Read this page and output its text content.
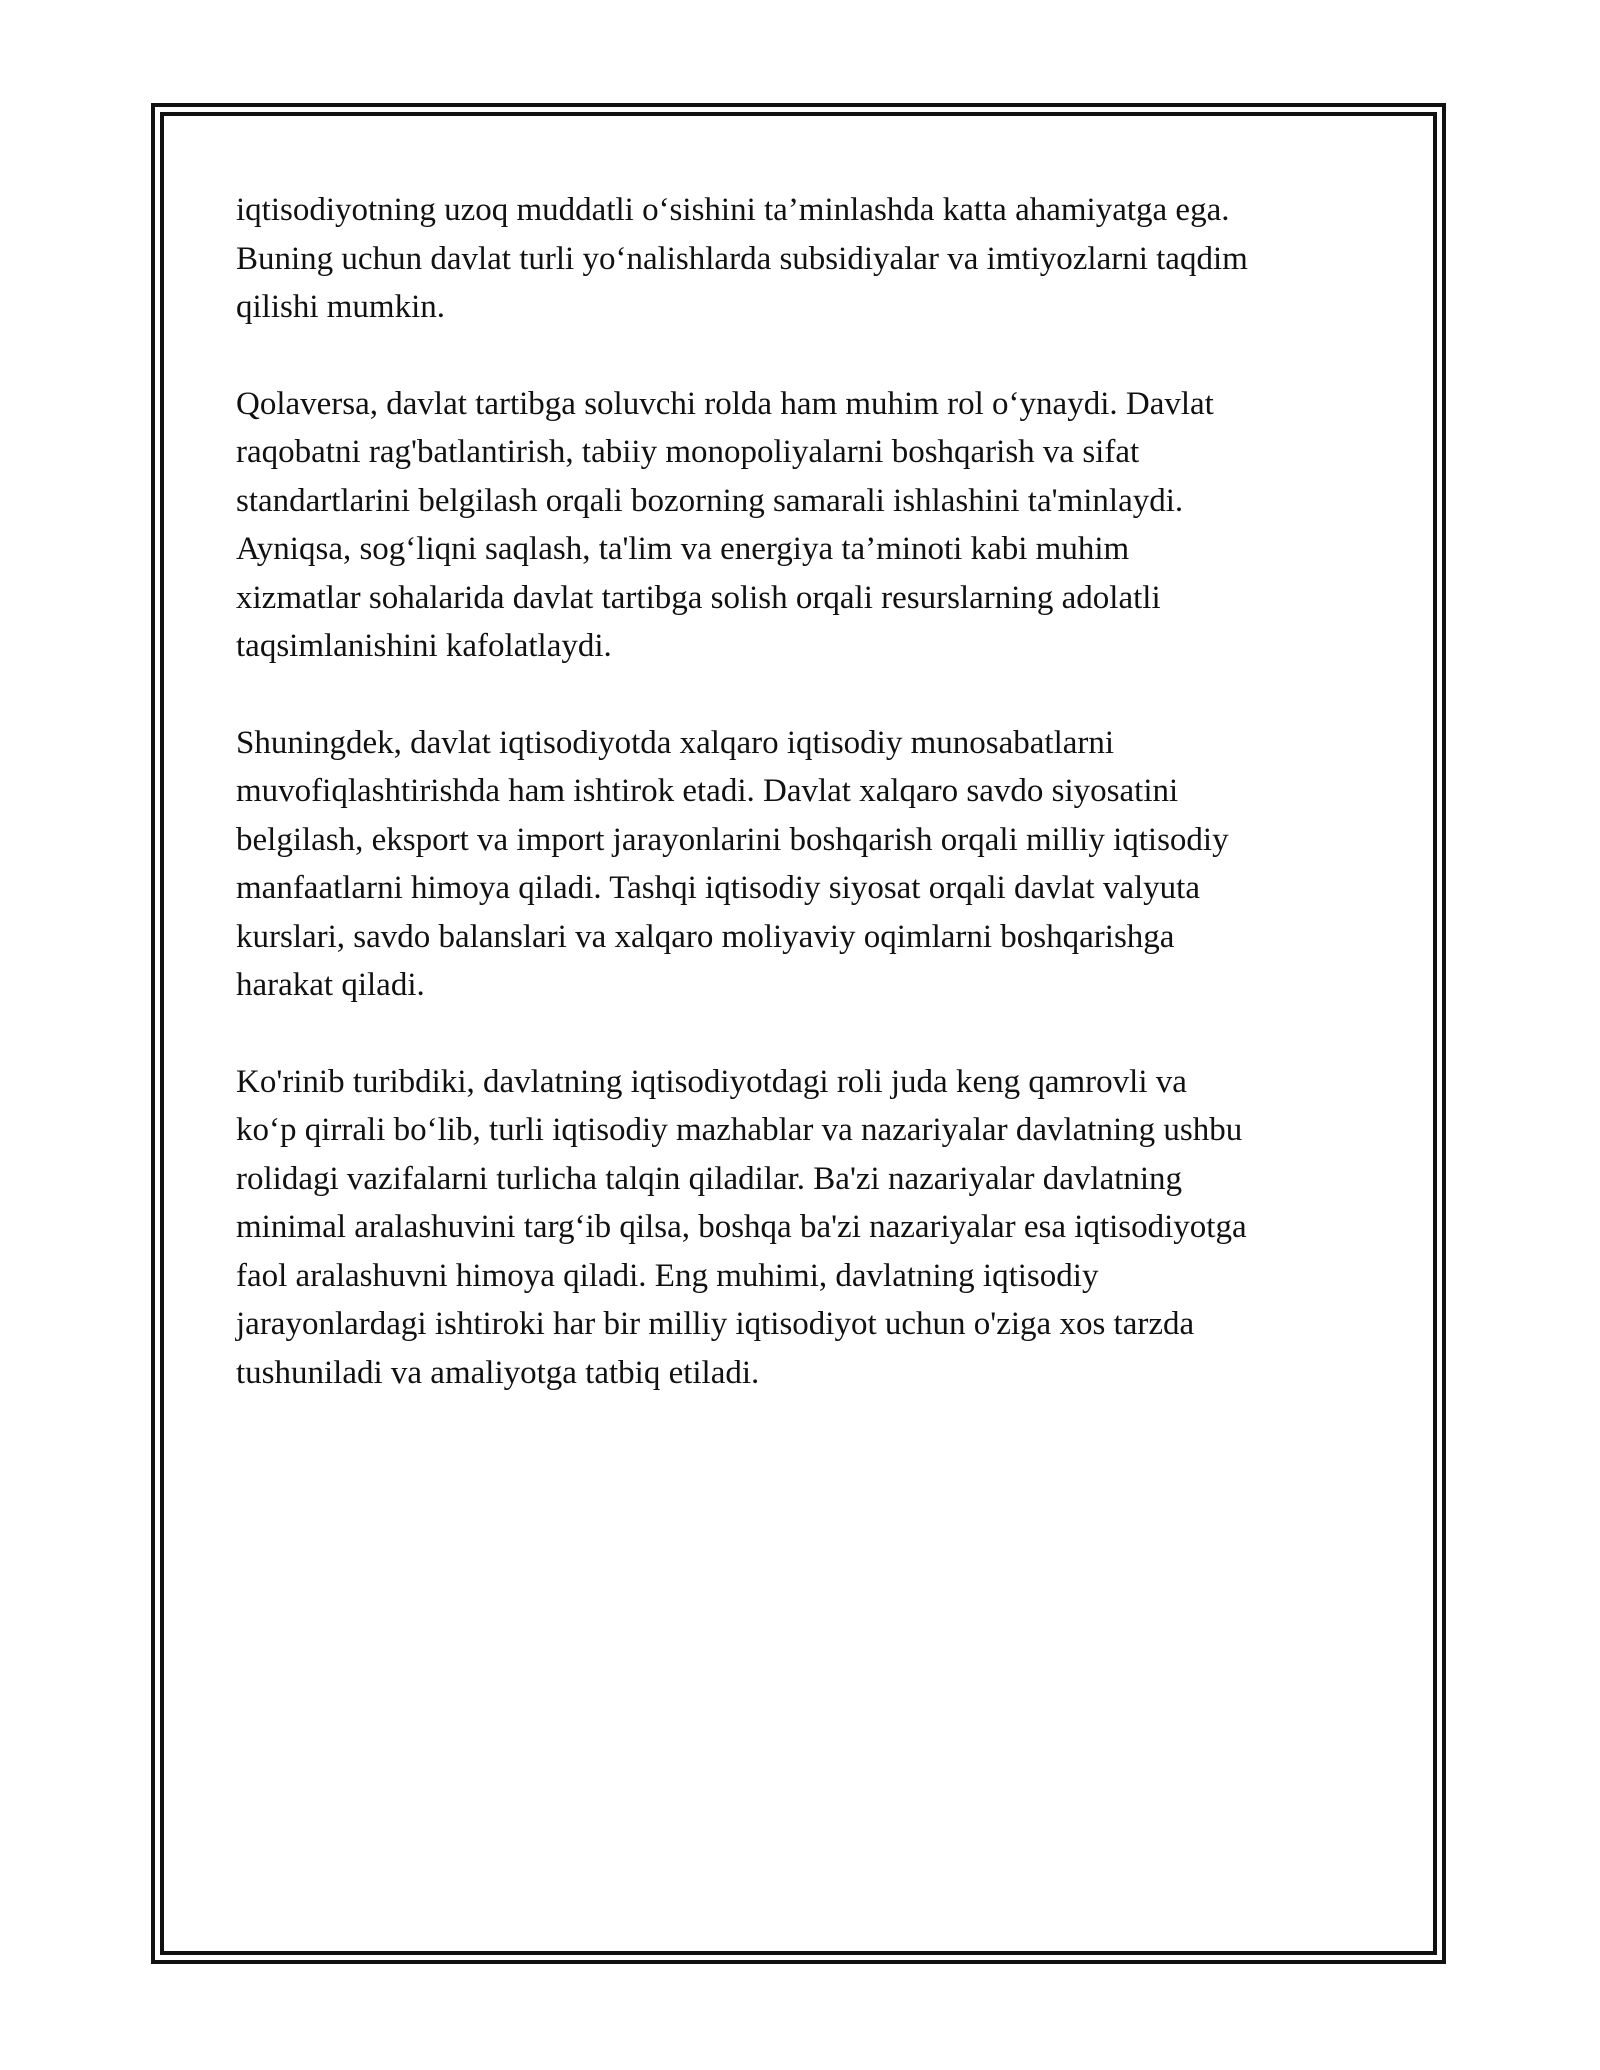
iqtisodiyotning uzoq muddatli o‘sishini ta’minlashda katta ahamiyatga ega.
Buning uchun davlat turli yo‘nalishlarda subsidiyalar va imtiyozlarni taqdim
qilishi mumkin.

Qolaversa, davlat tartibga soluvchi rolda ham muhim rol o‘ynaydi. Davlat
raqobatni rag'batlantirish, tabiiy monopoliyalarni boshqarish va sifat
standartlarini belgilash orqali bozorning samarali ishlashini ta'minlaydi.
Ayniqsa, sog‘liqni saqlash, ta'lim va energiya ta’minoti kabi muhim
xizmatlar sohalarida davlat tartibga solish orqali resurslarning adolatli
taqsimlanishini kafolatlaydi.

Shuningdek, davlat iqtisodiyotda xalqaro iqtisodiy munosabatlarni
muvofiqlashtirishda ham ishtirok etadi. Davlat xalqaro savdo siyosatini
belgilash, eksport va import jarayonlarini boshqarish orqali milliy iqtisodiy
manfaatlarni himoya qiladi. Tashqi iqtisodiy siyosat orqali davlat valyuta
kurslari, savdo balanslari va xalqaro moliyaviy oqimlarni boshqarishga
harakat qiladi.

Ko'rinib turibdiki, davlatning iqtisodiyotdagi roli juda keng qamrovli va
ko‘p qirrali bo‘lib, turli iqtisodiy mazhablar va nazariyalar davlatning ushbu
rolidagi vazifalarni turlicha talqin qiladilar. Ba'zi nazariyalar davlatning
minimal aralashuvini targ‘ib qilsa, boshqa ba'zi nazariyalar esa iqtisodiyotga
faol aralashuvni himoya qiladi. Eng muhimi, davlatning iqtisodiy
jarayonlardagi ishtiroki har bir milliy iqtisodiyot uchun o'ziga xos tarzda
tushuniladi va amaliyotga tatbiq etiladi.
